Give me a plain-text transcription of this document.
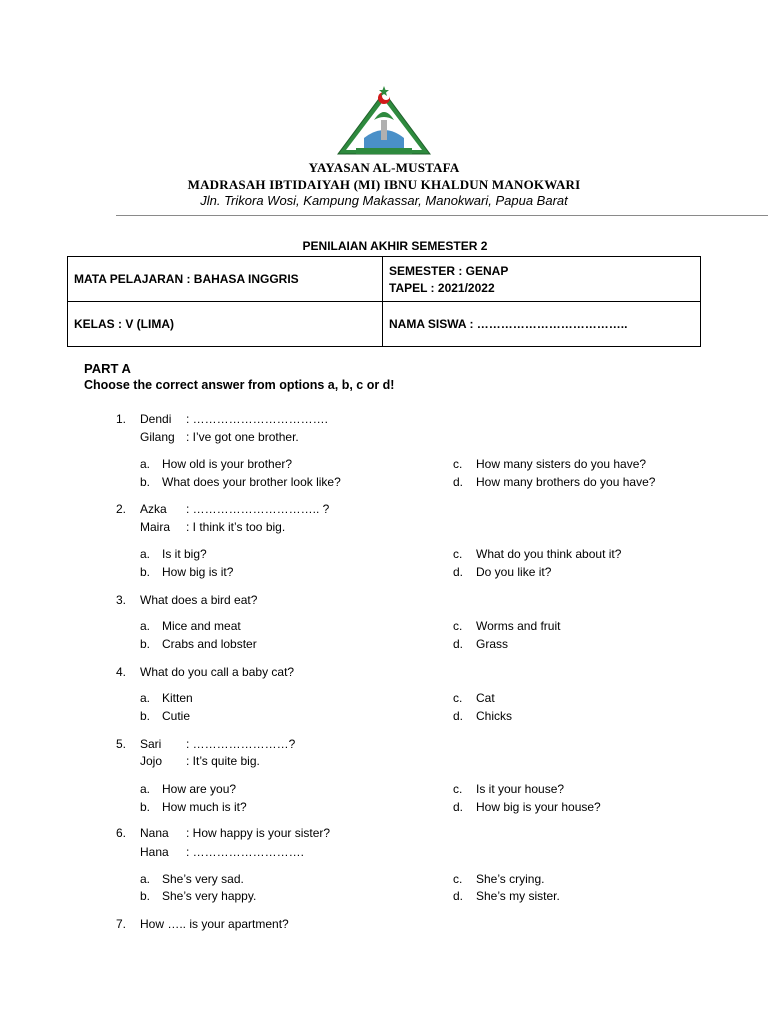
YAYASAN AL-MUSTAFA
MADRASAH IBTIDAIYAH (MI) IBNU KHALDUN MANOKWARI
Jln. Trikora Wosi, Kampung Makassar, Manokwari, Papua Barat
PENILAIAN AKHIR SEMESTER 2
MATA PELAJARAN : BAHASA INGGRIS	SEMESTER : GENAP
TAPEL : 2021/2022

KELAS : V (LIMA)	NAMA SISWA : ………………………………..
PART A
Choose the correct answer from options a, b, c or d!
1. Dendi : …………………………….
Gilang : I’ve got one brother.
a. How old is your brother?
b. What does your brother look like?
c. How many sisters do you have?
d. How many brothers do you have?
2. Azka : ………………………….. ?
Maira : I think it’s too big.
a. Is it big?
b. How big is it?
c. What do you think about it?
d. Do you like it?
3. What does a bird eat?
a. Mice and meat
b. Crabs and lobster
c. Worms and fruit
d. Grass
4. What do you call a baby cat?
a. Kitten
b. Cutie
c. Cat
d. Chicks
5. Sari : ……………………?
Jojo : It’s quite big.
a. How are you?
b. How much is it?
c. Is it your house?
d. How big is your house?
6. Nana : How happy is your sister?
Hana : ……………………….
a. She’s very sad.
b. She’s very happy.
c. She’s crying.
d. She’s my sister.
7. How ….. is your apartment?
